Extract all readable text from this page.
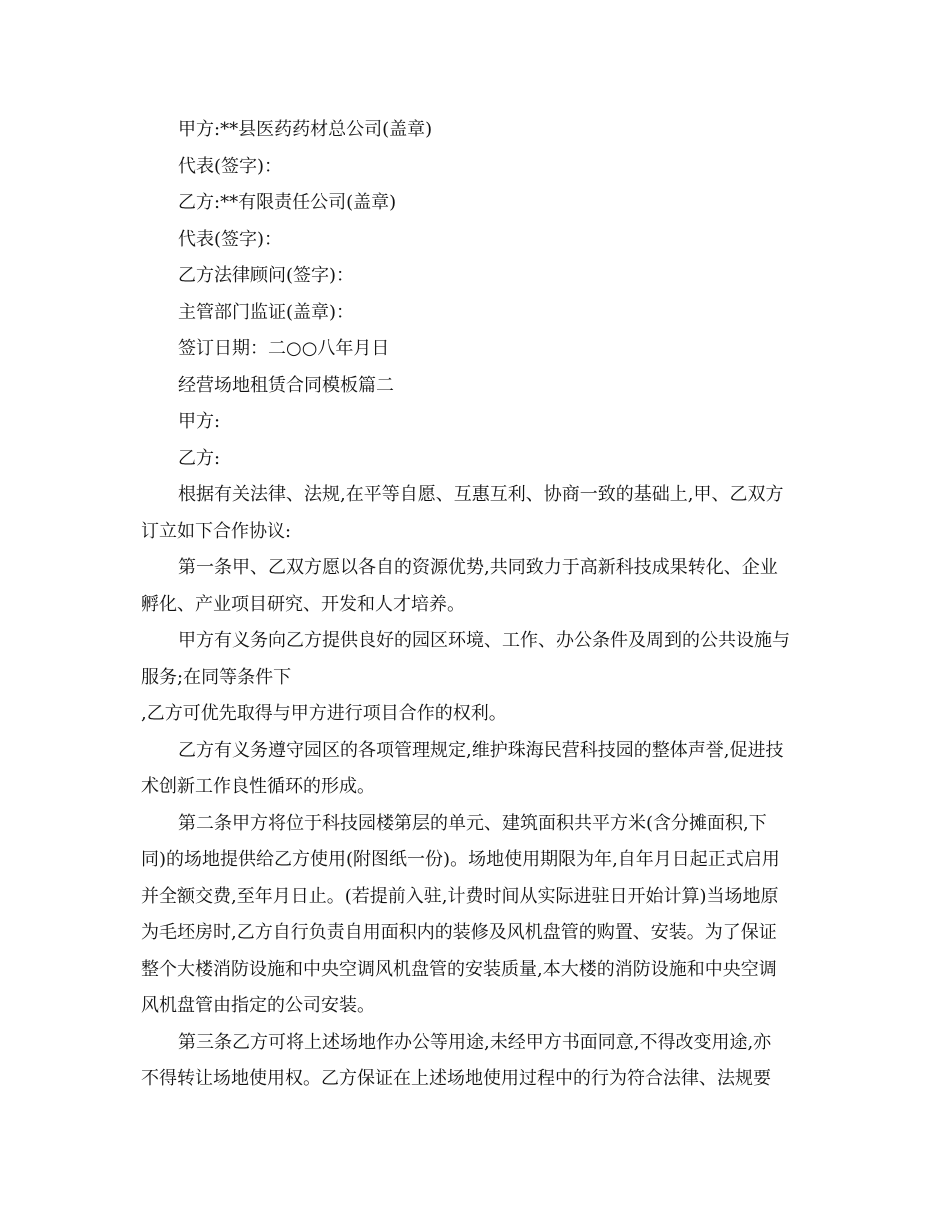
甲方:**县医药药材总公司(盖章)
代表(签字)：
乙方:**有限责任公司(盖章)
代表(签字)：
乙方法律顾问(签字)：
主管部门监证(盖章)：
签订日期：二○○八年月日
经营场地租赁合同模板篇二
甲方:
乙方:
根据有关法律、法规,在平等自愿、互惠互利、协商一致的基础上,甲、乙双方
订立如下合作协议:
第一条甲、乙双方愿以各自的资源优势,共同致力于高新科技成果转化、企业
孵化、产业项目研究、开发和人才培养。
甲方有义务向乙方提供良好的园区环境、工作、办公条件及周到的公共设施与
服务;在同等条件下
,乙方可优先取得与甲方进行项目合作的权利。
乙方有义务遵守园区的各项管理规定,维护珠海民营科技园的整体声誉,促进技
术创新工作良性循环的形成。
第二条甲方将位于科技园楼第层的单元、建筑面积共平方米(含分摊面积,下
同)的场地提供给乙方使用(附图纸一份)。场地使用期限为年,自年月日起正式启用
并全额交费,至年月日止。(若提前入驻,计费时间从实际进驻日开始计算)当场地原
为毛坯房时,乙方自行负责自用面积内的装修及风机盘管的购置、安装。为了保证
整个大楼消防设施和中央空调风机盘管的安装质量,本大楼的消防设施和中央空调
风机盘管由指定的公司安装。
第三条乙方可将上述场地作办公等用途,未经甲方书面同意,不得改变用途,亦
不得转让场地使用权。乙方保证在上述场地使用过程中的行为符合法律、法规要
